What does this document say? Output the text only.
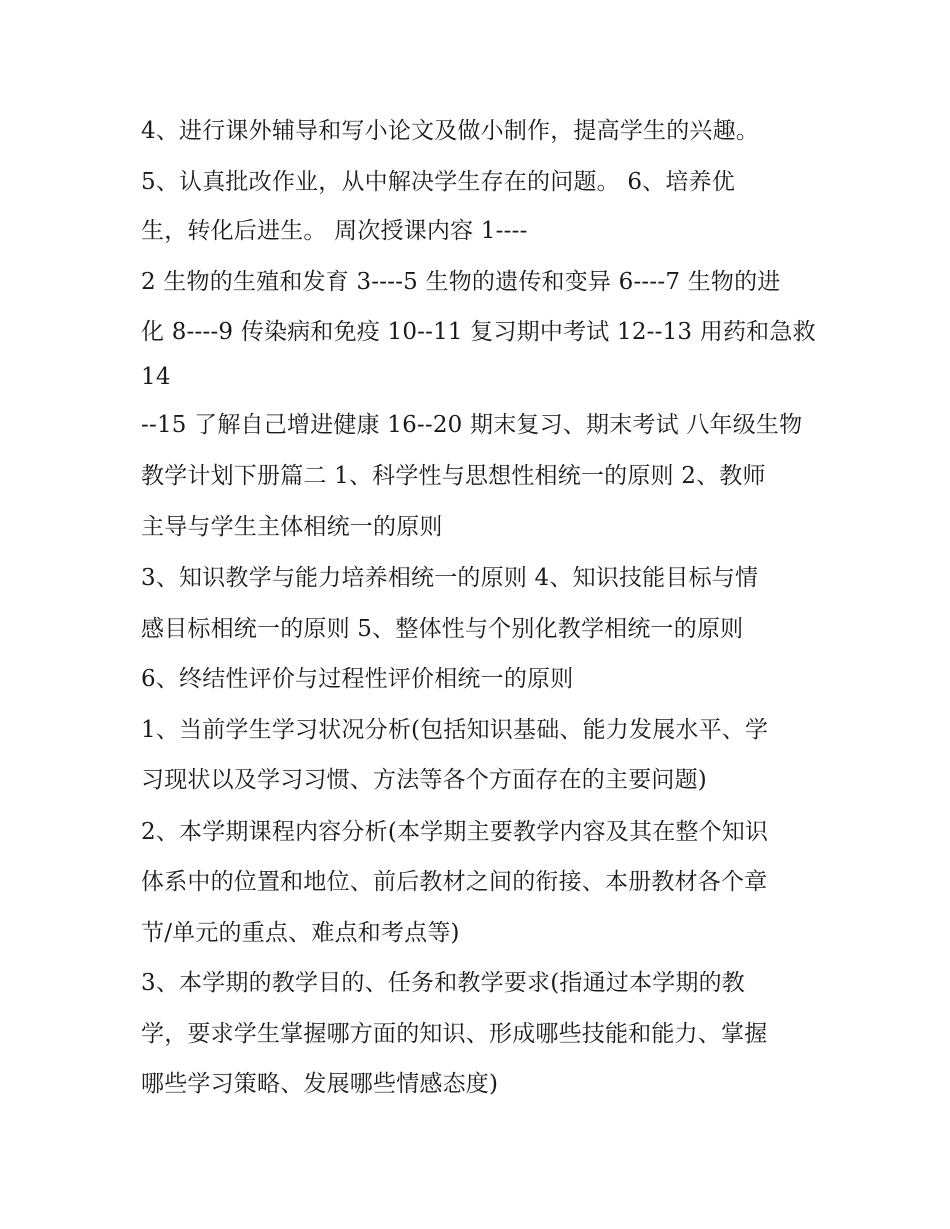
4、进行课外辅导和写小论文及做小制作，提高学生的兴趣。
5、认真批改作业，从中解决学生存在的问题。 6、培养优
生，转化后进生。 周次授课内容 1----
2 生物的生殖和发育 3----5 生物的遗传和变异 6----7 生物的进
化 8----9 传染病和免疫 10--11 复习期中考试 12--13 用药和急救
14
--15 了解自己增进健康 16--20 期末复习、期末考试 八年级生物
教学计划下册篇二 1、科学性与思想性相统一的原则 2、教师
主导与学生主体相统一的原则
3、知识教学与能力培养相统一的原则 4、知识技能目标与情
感目标相统一的原则 5、整体性与个别化教学相统一的原则
6、终结性评价与过程性评价相统一的原则
1、当前学生学习状况分析(包括知识基础、能力发展水平、学
习现状以及学习习惯、方法等各个方面存在的主要问题)
2、本学期课程内容分析(本学期主要教学内容及其在整个知识
体系中的位置和地位、前后教材之间的衔接、本册教材各个章
节/单元的重点、难点和考点等)
3、本学期的教学目的、任务和教学要求(指通过本学期的教
学，要求学生掌握哪方面的知识、形成哪些技能和能力、掌握
哪些学习策略、发展哪些情感态度)
